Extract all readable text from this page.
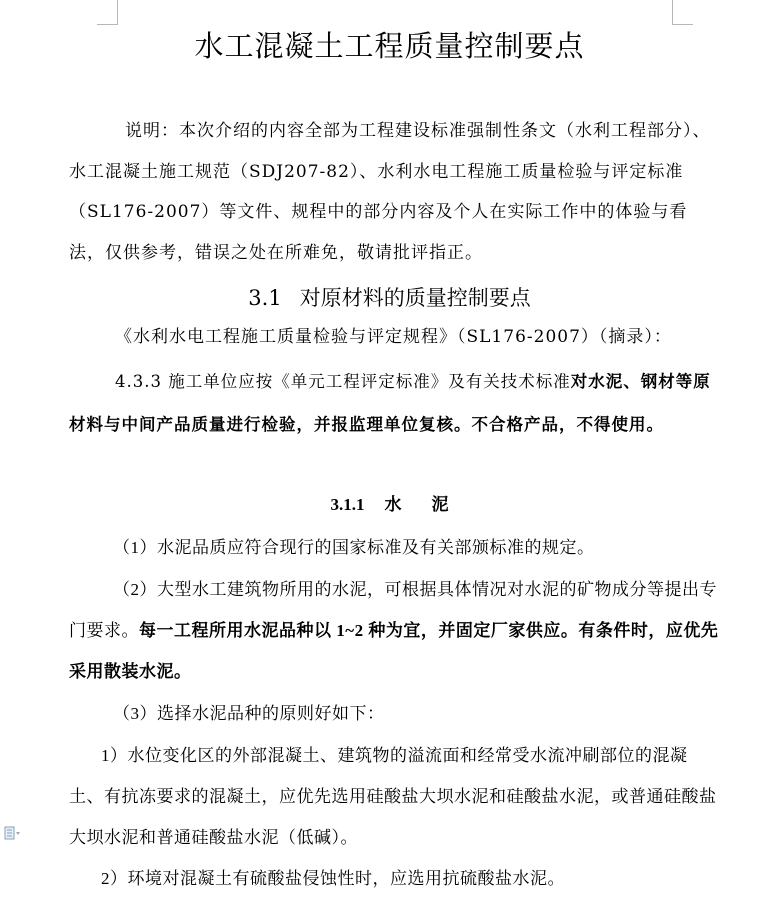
水工混凝土工程质量控制要点
说明：本次介绍的内容全部为工程建设标准强制性条文（水利工程部分）、水工混凝土施工规范（SDJ207-82）、水利水电工程施工质量检验与评定标准（SL176-2007）等文件、规程中的部分内容及个人在实际工作中的体验与看法，仅供参考，错误之处在所难免，敬请批评指正。
3.1 对原材料的质量控制要点
《水利水电工程施工质量检验与评定规程》（SL176-2007）（摘录）：
4.3.3 施工单位应按《单元工程评定标准》及有关技术标准对水泥、钢材等原材料与中间产品质量进行检验，并报监理单位复核。不合格产品，不得使用。
3.1.1 水 泥
（1）水泥品质应符合现行的国家标准及有关部颁标准的规定。
（2）大型水工建筑物所用的水泥，可根据具体情况对水泥的矿物成分等提出专门要求。每一工程所用水泥品种以 1~2 种为宜，并固定厂家供应。有条件时，应优先采用散装水泥。
（3）选择水泥品种的原则好如下：
1）水位变化区的外部混凝土、建筑物的溢流面和经常受水流冲刷部位的混凝土、有抗冻要求的混凝土，应优先选用硅酸盐大坝水泥和硅酸盐水泥，或普通硅酸盐大坝水泥和普通硅酸盐水泥（低碱）。
2）环境对混凝土有硫酸盐侵蚀性时，应选用抗硫酸盐水泥。
